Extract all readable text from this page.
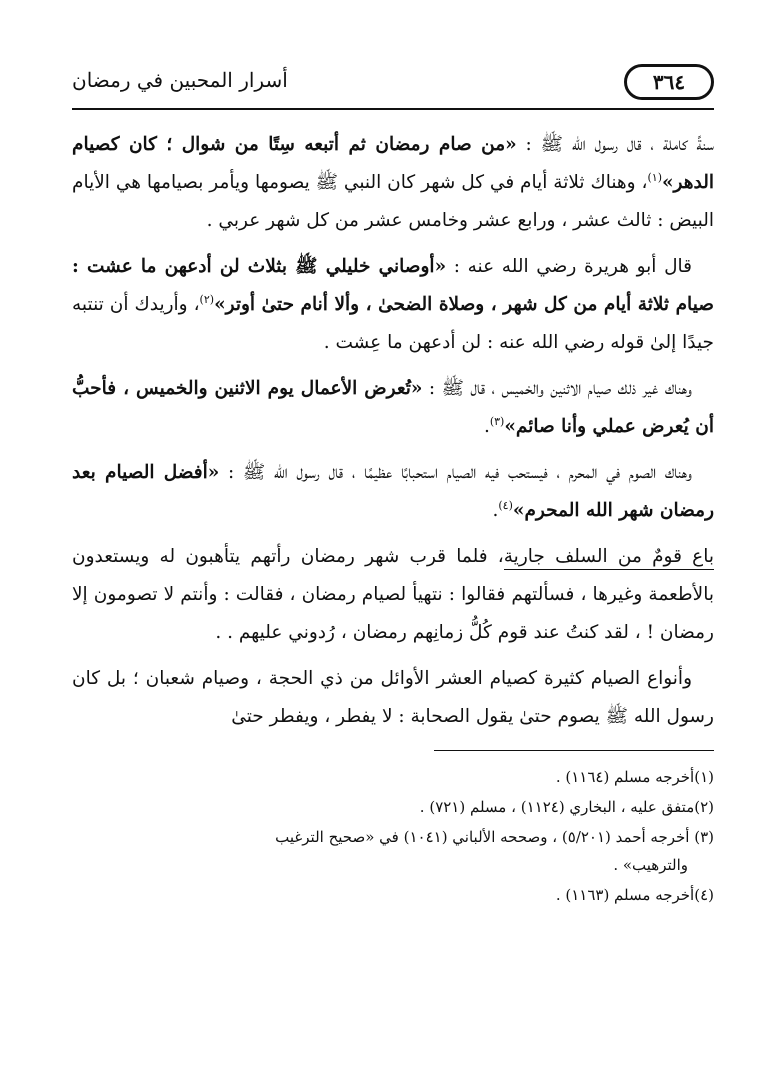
٣٦٤
أسرار المحبين في رمضان

سنةً كاملة ، قال رسول الله ﷺ : «من صام رمضان ثم أتبعه سِتًا من شوال ؛ كان كصيام الدهر»$^{(١)}$، وهناك ثلاثة أيام في كل شهر كان النبي ﷺ يصومها ويأمر بصيامها هي الأيام البيض : ثالث عشر ، ورابع عشر وخامس عشر من كل شهر عربي .

قال أبو هريرة رضي الله عنه : «أوصاني خليلي ﷺ بثلاث لن أدعهن ما عشت : صيام ثلاثة أيام من كل شهر ، وصلاة الضحىٰ ، وألا أنام حتىٰ أوتر»$^{(٢)}$، وأريدك أن تنتبه جيدًا إلىٰ قوله رضي الله عنه : لن أدعهن ما عِشت .

وهناك غير ذلك صيام الاثنين والخميس ، قال ﷺ : «تُعرض الأعمال يوم الاثنين والخميس ، فأحبُّ أن يُعرض عملي وأنا صائم»$^{(٣)}$.

وهناك الصوم في المحرم ، فيستحب فيه الصيام استحبابًا عظيمًا ، قال رسول الله ﷺ : «أفضل الصيام بعد رمضان شهر الله المحرم»$^{(٤)}$.

باع قومٌ من السلف جارية، فلما قرب شهر رمضان رأتهم يتأهبون له ويستعدون بالأطعمة وغيرها ، فسألتهم فقالوا : نتهيأ لصيام رمضان ، فقالت : وأنتم لا تصومون إلا رمضان ! ، لقد كنتُ عند قوم كُلُّ زمانِهم رمضان ، رُدوني عليهم . .

وأنواع الصيام كثيرة كصيام العشر الأوائل من ذي الحجة ، وصيام شعبان ؛ بل كان رسول الله ﷺ يصوم حتىٰ يقول الصحابة : لا يفطر ، ويفطر حتىٰ

(١)أخرجه مسلم (١١٦٤) .
(٢)متفق عليه ، البخاري (١١٢٤) ، مسلم (٧٢١) .
(٣) أخرجه أحمد (٥/٢٠١) ، وصححه الألباني (١٠٤١) في «صحيح الترغيب
والترهيب» .
(٤)أخرجه مسلم (١١٦٣) .
